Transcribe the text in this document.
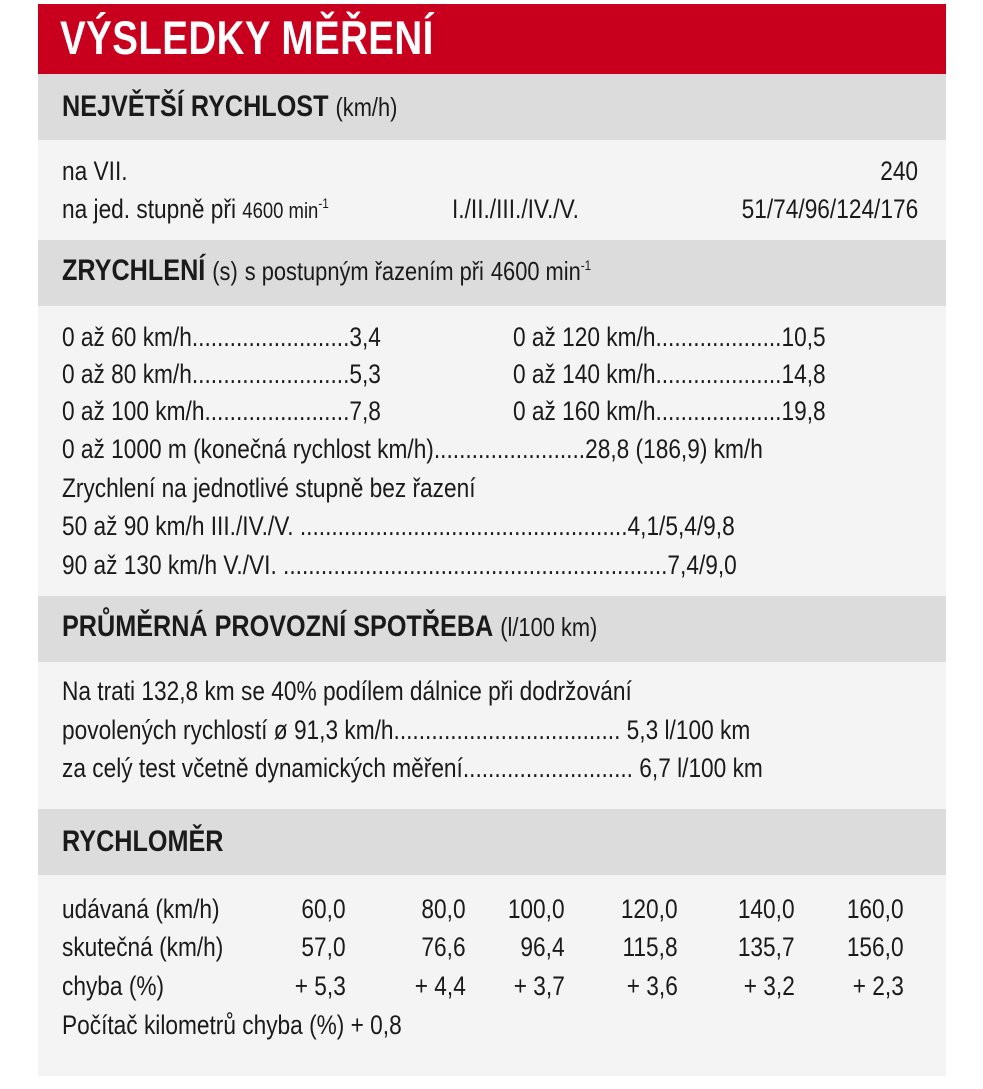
VÝSLEDKY MĚŘENÍ
NEJVĚTŠÍ RYCHLOST (km/h)
na VII.	240
na jed. stupně při 4600 $\min^{-1}$	I./II./III./IV./V.	51/74/96/124/176
ZRYCHLENÍ (s) s postupným řazením při 4600 $\min^{-1}$
0 až 60 km/h.........................3,4	0 až 120 km/h....................10,5
0 až 80 km/h.........................5,3	0 až 140 km/h....................14,8
0 až 100 km/h.......................7,8	0 až 160 km/h....................19,8
0 až 1000 m (konečná rychlost km/h)........................28,8 (186,9) km/h
Zrychlení na jednotlivé stupně bez řazení
50 až 90 km/h III./IV./V. ....................................................4,1/5,4/9,8
90 až 130 km/h V./VI. .............................................................7,4/9,0
PRŮMĚRNÁ PROVOZNÍ SPOTŘEBA (l/100 km)
Na trati 132,8 km se 40% podílem dálnice při dodržování
povolených rychlostí ø 91,3 km/h.................................... 5,3 l/100 km
za celý test včetně dynamických měření........................... 6,7 l/100 km
RYCHLOMĚR
udávaná (km/h)	60,0	80,0 100,0 120,0 140,0 160,0
skutečná (km/h)	57,0	76,6 96,4 115,8 135,7 156,0
chyba (%)	+ 5,3	+ 4,4 + 3,7 + 3,6 + 3,2 + 2,3
Počítač kilometrů chyba (%) + 0,8
